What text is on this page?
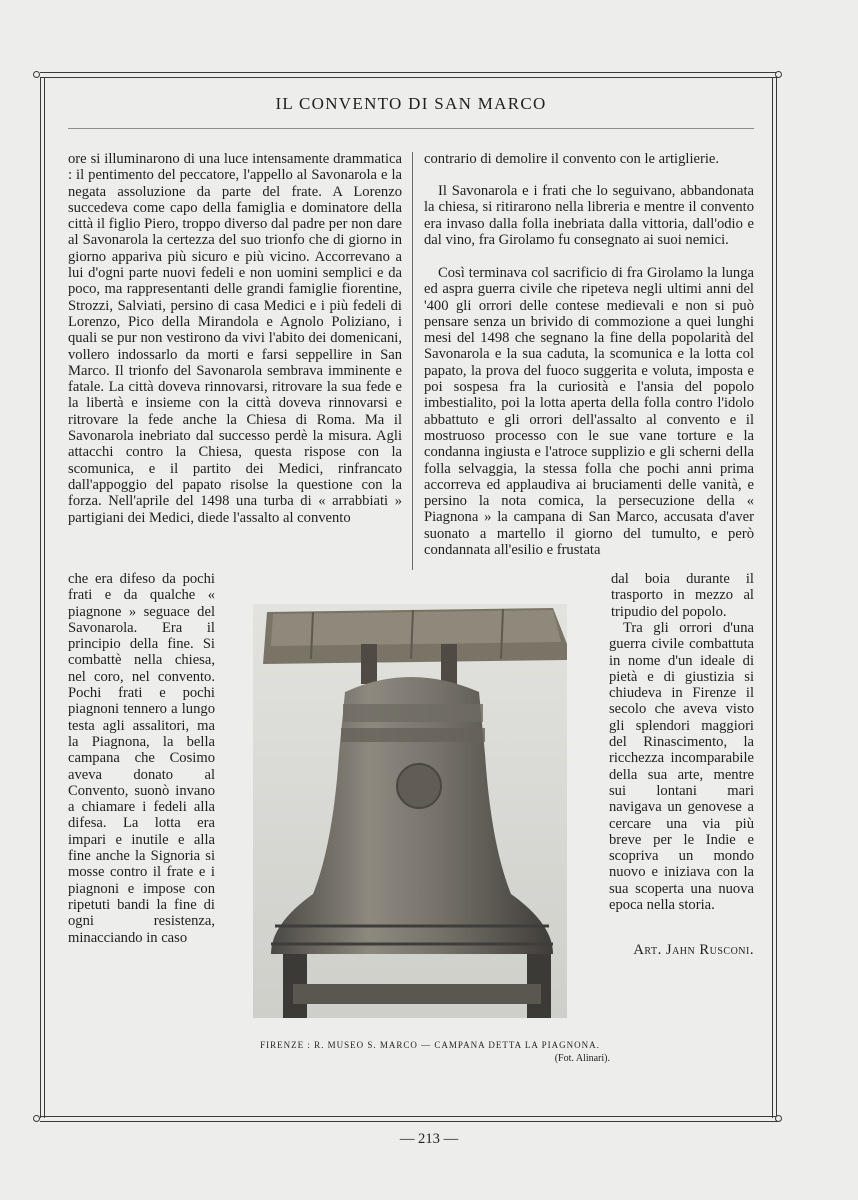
IL CONVENTO DI SAN MARCO

ore si illuminarono di una luce intensamente drammatica : il pentimento del peccatore, l'appello al Savonarola e la negata assoluzione da parte del frate. A Lorenzo succedeva come capo della famiglia e dominatore della città il figlio Piero, troppo diverso dal padre per non dare al Savonarola la certezza del suo trionfo che di giorno in giorno appariva più sicuro e più vicino. Accorrevano a lui d'ogni parte nuovi fedeli e non uomini semplici e da poco, ma rappresentanti delle grandi famiglie fiorentine, Strozzi, Salviati, persino di casa Medici e i più fedeli di Lorenzo, Pico della Mirandola e Agnolo Poliziano, i quali se pur non vestirono da vivi l'abito dei domenicani, vollero indossarlo da morti e farsi seppellire in San Marco. Il trionfo del Savonarola sembrava imminente e fatale. La città doveva rinnovarsi, ritrovare la sua fede e la libertà e insieme con la città doveva rinnovarsi e ritrovare la fede anche la Chiesa di Roma. Ma il Savonarola inebriato dal successo perdè la misura. Agli attacchi contro la Chiesa, questa rispose con la scomunica, e il partito dei Medici, rinfrancato dall'appoggio del papato risolse la questione con la forza. Nell'aprile del 1498 una turba di « arrabbiati » partigiani dei Medici, diede l'assalto al convento

che era difeso da pochi frati e da qualche « piagnone » seguace del Savonarola. Era il principio della fine. Si combattè nella chiesa, nel coro, nel convento. Pochi frati e pochi piagnoni tennero a lungo testa agli assalitori, ma la Piagnona, la bella campana che Cosimo aveva donato al Convento, suonò invano a chiamare i fedeli alla difesa. La lotta era impari e inutile e alla fine anche la Signoria si mosse contro il frate e i piagnoni e impose con ripetuti bandi la fine di ogni resistenza, minacciando in caso

contrario di demolire il convento con le artiglierie.

Così terminava col sacrificio di fra Girolamo la lunga ed aspra guerra civile che ripeteva negli ultimi anni del '400 gli orrori delle contese medievali e non si può pensare senza un brivido di commozione a quei lunghi mesi del 1498 che segnano la fine della popolarità del Savonarola e la sua caduta, la scomunica e la lotta col papato, la prova del fuoco suggerita e voluta, imposta e poi sospesa fra la curiosità e l'ansia del popolo imbestialito, poi la lotta aperta della folla contro l'idolo abbattuto e gli orrori dell'assalto al convento e il mostruoso processo con le sue vane torture e la condanna ingiusta e l'atroce supplizio e gli scherni della folla selvaggia, la stessa folla che pochi anni prima accorreva ed applaudiva ai bruciamenti delle vanità, e persino la nota comica, la persecuzione della « Piagnona » la campana di San Marco, accusata d'aver suonato a martello il giorno del tumulto, e però condannata all'esilio e frustata

dal boia durante il trasporto in mezzo al tripudio del popolo.

Tra gli orrori d'una guerra civile combattuta in nome d'un ideale di pietà e di giustizia si chiudeva in Firenze il secolo che aveva visto gli splendori maggiori del Rinascimento, la ricchezza incomparabile della sua arte, mentre sui lontani mari navigava un genovese a cercare una via più breve per le Indie e scopriva un mondo nuovo e iniziava con la sua scoperta una nuova epoca nella storia.

Art. Jahn Rusconi.
FIRENZE : R. MUSEO S. MARCO — CAMPANA DETTA LA PIAGNONA.
(Fot. Alinari).
— 213 —

Il Savonarola e i frati che lo seguivano, abbandonata la chiesa, si ritirarono nella libreria e mentre il convento era invaso dalla folla inebriata dalla vittoria, dall'odio e dal vino, fra Girolamo fu consegnato ai suoi nemici.
